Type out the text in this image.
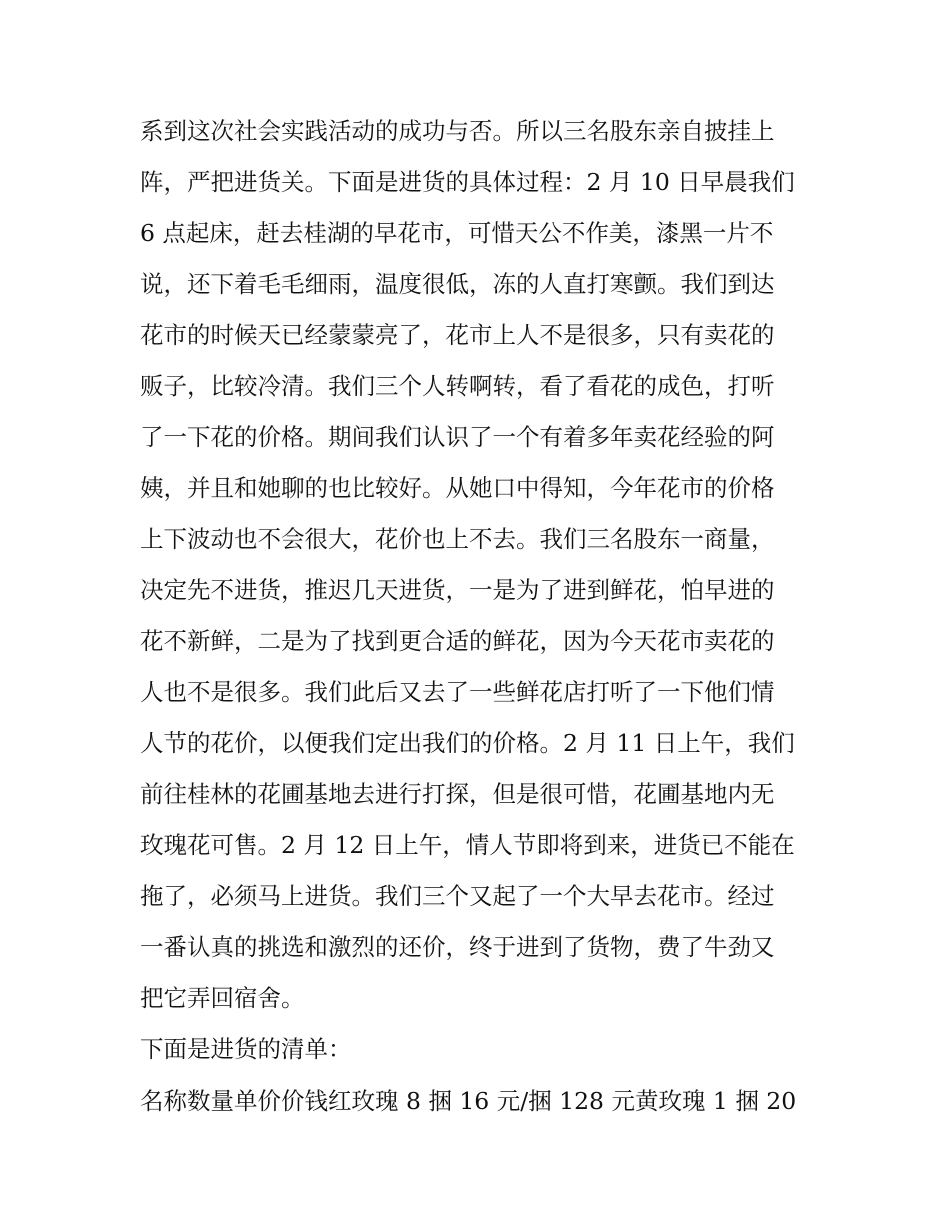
系到这次社会实践活动的成功与否。所以三名股东亲自披挂上
阵，严把进货关。下面是进货的具体过程：2 月 10 日早晨我们
6 点起床，赶去桂湖的早花市，可惜天公不作美，漆黑一片不
说，还下着毛毛细雨，温度很低，冻的人直打寒颤。我们到达
花市的时候天已经蒙蒙亮了，花市上人不是很多，只有卖花的
贩子，比较冷清。我们三个人转啊转，看了看花的成色，打听
了一下花的价格。期间我们认识了一个有着多年卖花经验的阿
姨，并且和她聊的也比较好。从她口中得知，今年花市的价格
上下波动也不会很大，花价也上不去。我们三名股东一商量，
决定先不进货，推迟几天进货，一是为了进到鲜花，怕早进的
花不新鲜，二是为了找到更合适的鲜花，因为今天花市卖花的
人也不是很多。我们此后又去了一些鲜花店打听了一下他们情
人节的花价，以便我们定出我们的价格。2 月 11 日上午，我们
前往桂林的花圃基地去进行打探，但是很可惜，花圃基地内无
玫瑰花可售。2 月 12 日上午，情人节即将到来，进货已不能在
拖了，必须马上进货。我们三个又起了一个大早去花市。经过
一番认真的挑选和激烈的还价，终于进到了货物，费了牛劲又
把它弄回宿舍。
下面是进货的清单：
名称数量单价价钱红玫瑰 8 捆 16 元/捆 128 元黄玫瑰 1 捆 20
